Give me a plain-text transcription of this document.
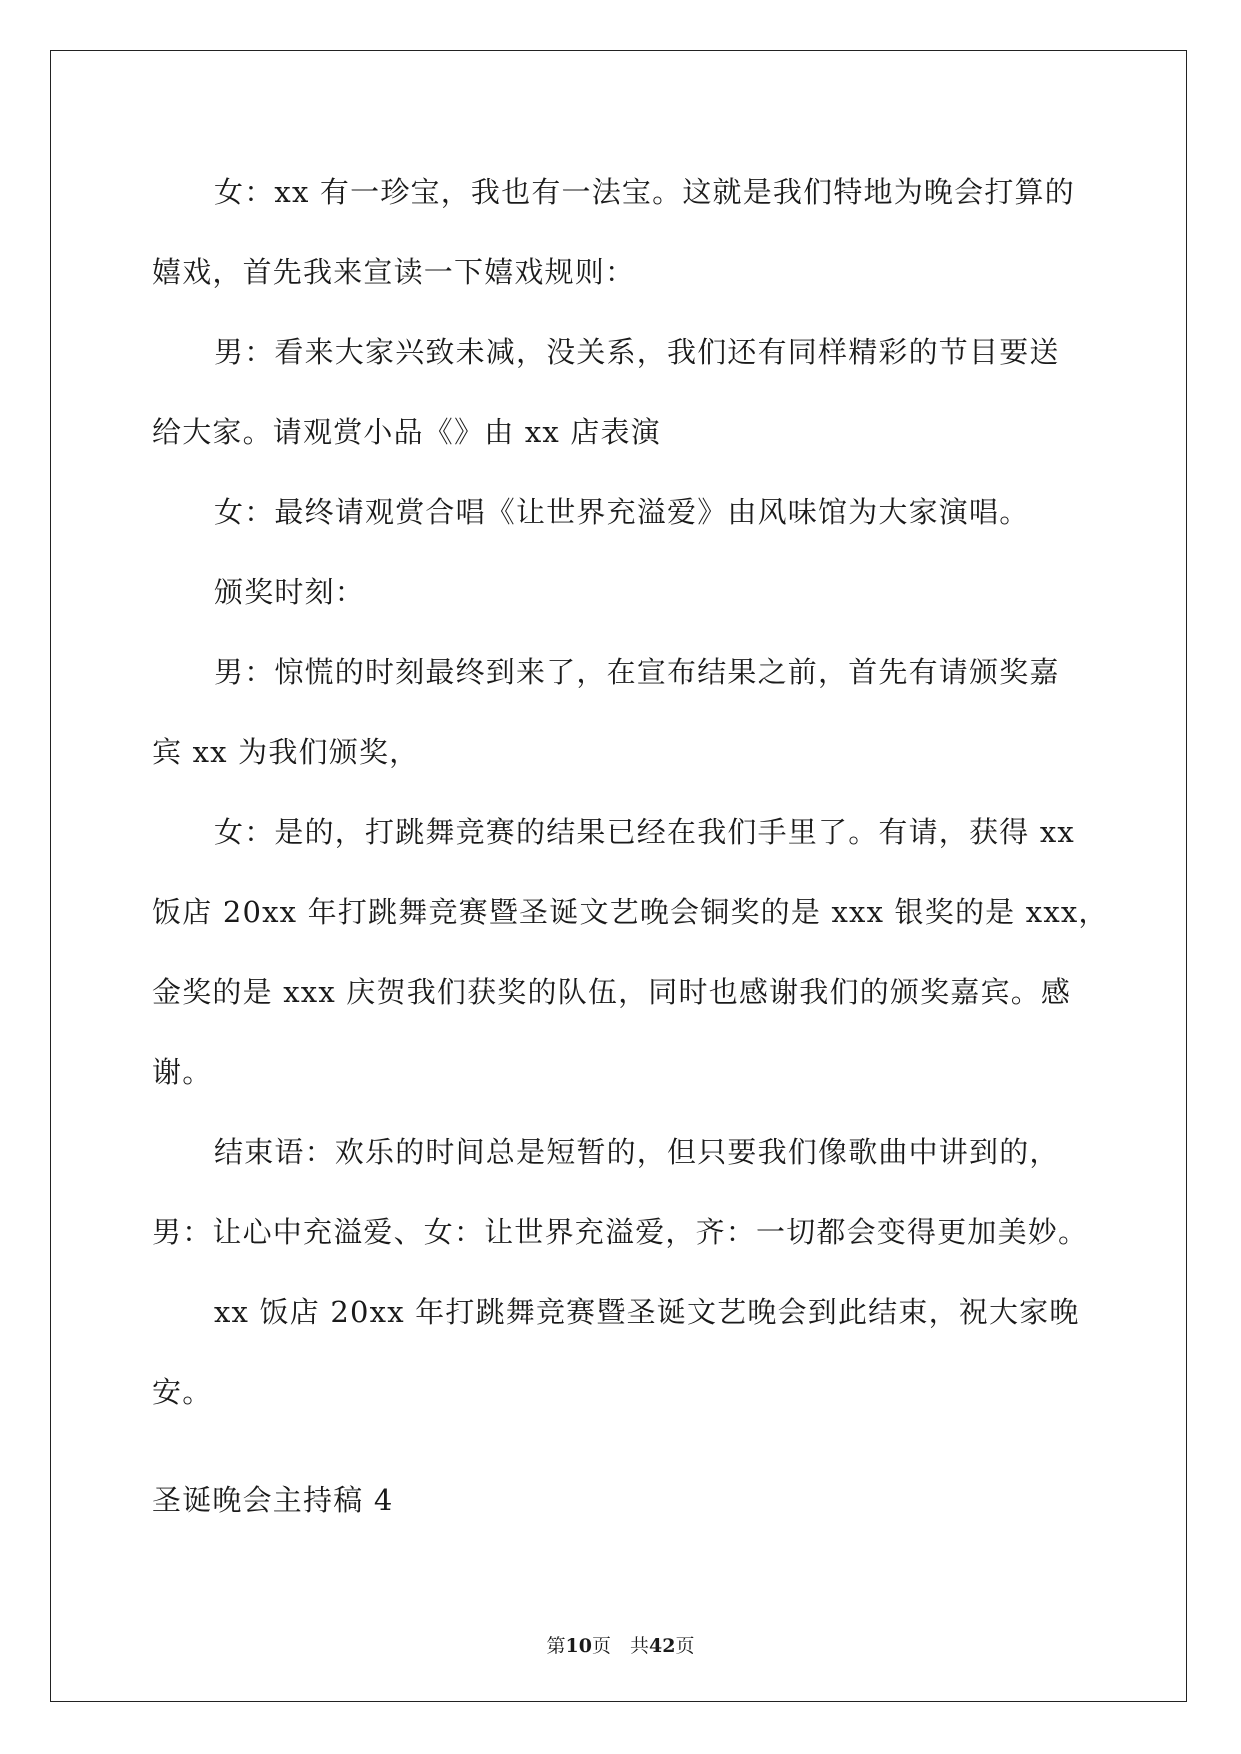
女：xx 有一珍宝，我也有一法宝。这就是我们特地为晚会打算的
嬉戏，首先我来宣读一下嬉戏规则：
男：看来大家兴致未减，没关系，我们还有同样精彩的节目要送
给大家。请观赏小品《》由 xx 店表演
女：最终请观赏合唱《让世界充溢爱》由风味馆为大家演唱。
颁奖时刻：
男：惊慌的时刻最终到来了，在宣布结果之前，首先有请颁奖嘉
宾 xx 为我们颁奖，
女：是的，打跳舞竞赛的结果已经在我们手里了。有请，获得 xx
饭店 20xx 年打跳舞竞赛暨圣诞文艺晚会铜奖的是 xxx 银奖的是 xxx，
金奖的是 xxx 庆贺我们获奖的队伍，同时也感谢我们的颁奖嘉宾。感
谢。
结束语：欢乐的时间总是短暂的，但只要我们像歌曲中讲到的，
男：让心中充溢爱、女：让世界充溢爱，齐：一切都会变得更加美妙。
xx 饭店 20xx 年打跳舞竞赛暨圣诞文艺晚会到此结束，祝大家晚
安。
圣诞晚会主持稿 4
第10页　共42页
